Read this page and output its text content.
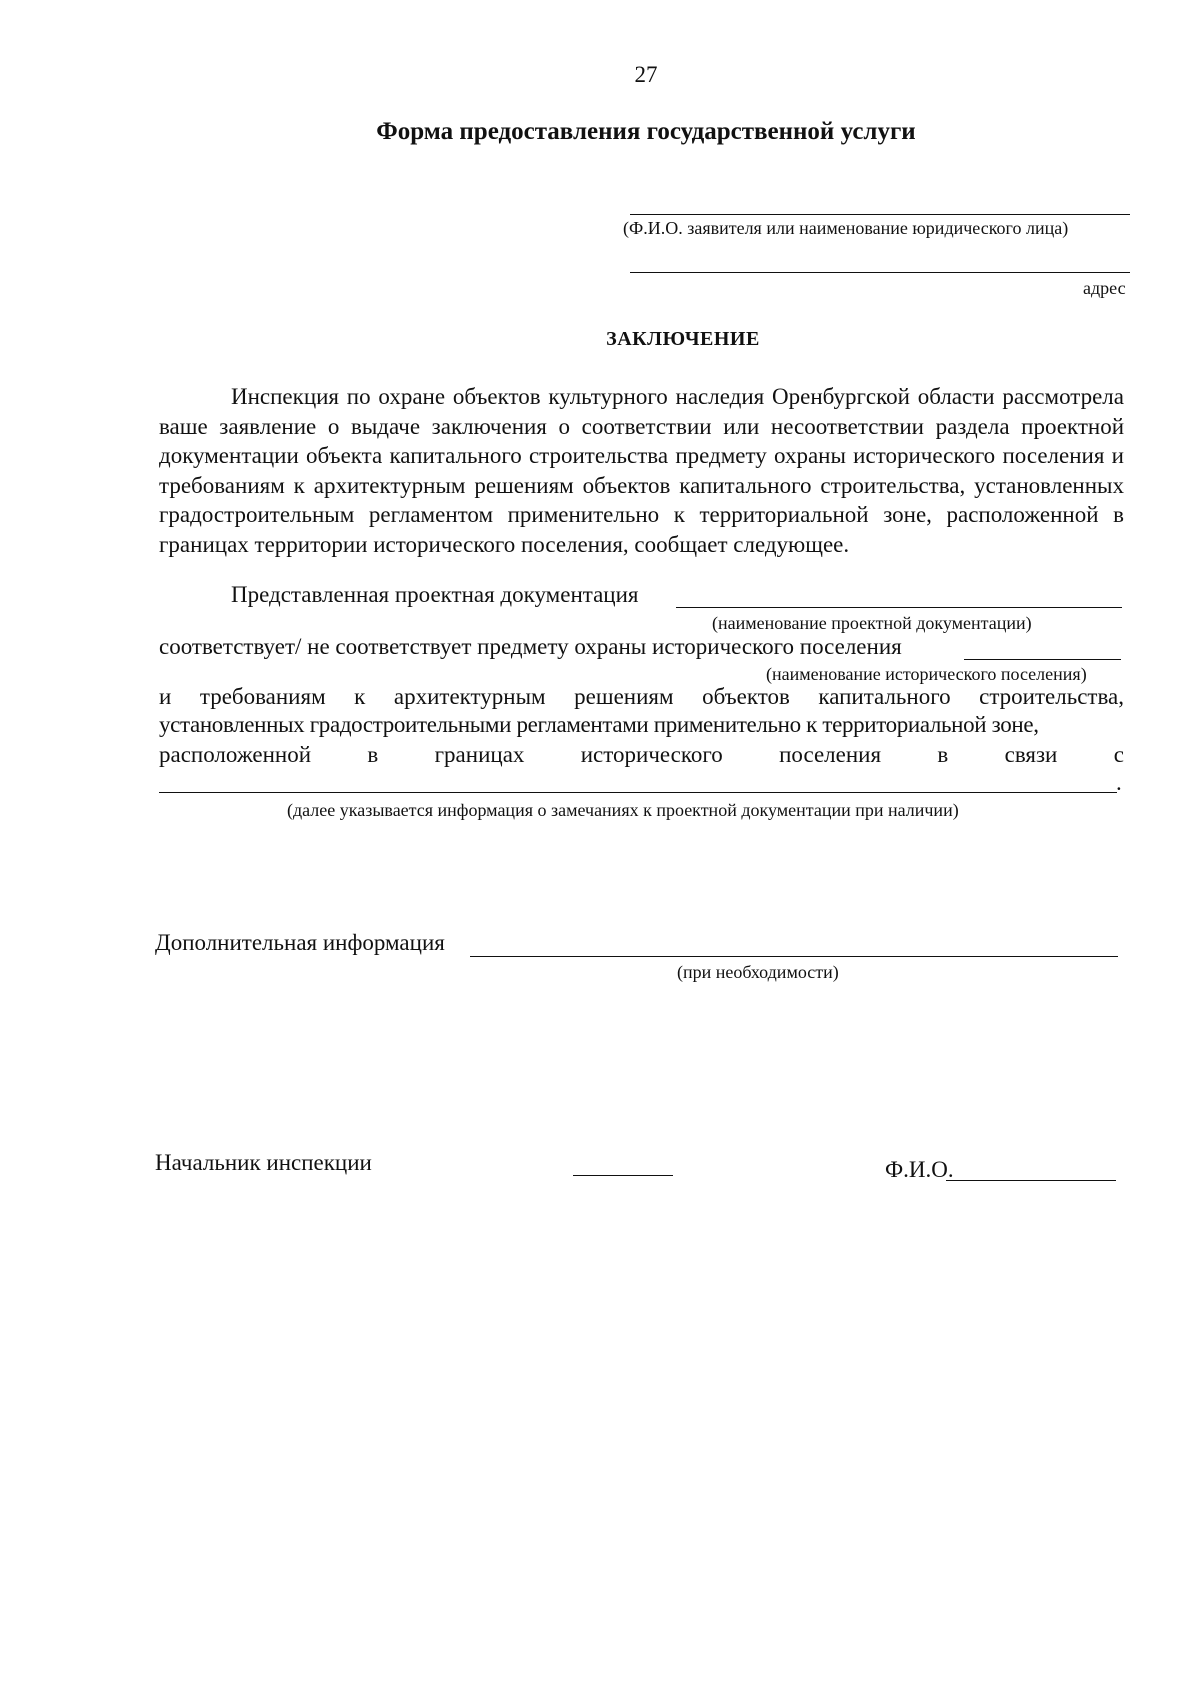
27
Форма предоставления государственной услуги
(Ф.И.О. заявителя или наименование юридического лица)
адрес
ЗАКЛЮЧЕНИЕ

Инспекция по охране объектов культурного наследия Оренбургской области рассмотрела ваше заявление о выдаче заключения о соответствии или несоответствии раздела проектной документации объекта капитального строительства предмету охраны исторического поселения и требованиям к архитектурным решениям объектов капитального строительства, установленных градостроительным регламентом применительно к территориальной зоне, расположенной в границах территории исторического поселения, сообщает следующее.

Представленная проектная документация
(наименование проектной документации)
соответствует/ не соответствует предмету охраны исторического поселения
(наименование исторического поселения)
и требованиям к архитектурным решениям объектов капитального строительства,
установленных градостроительными регламентами применительно к территориальной зоне,
расположенной в границах исторического поселения в связи с
.
(далее указывается информация о замечаниях к проектной документации при наличии)
Дополнительная информация
(при необходимости)
Начальник инспекции	Ф.И.О.
